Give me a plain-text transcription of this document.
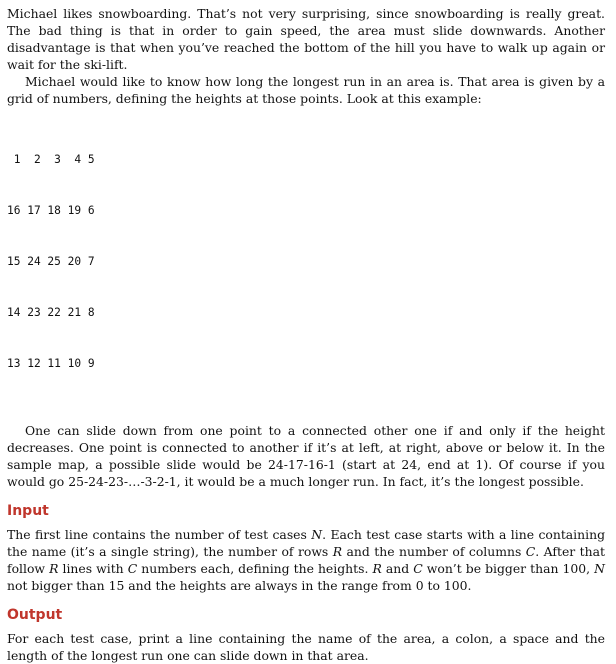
Michael likes snowboarding. That’s not very surprising, since snowboarding is really great. The bad thing is that in order to gain speed, the area must slide downwards. Another disadvantage is that when you’ve reached the bottom of the hill you have to walk up again or wait for the ski-lift.

Michael would like to know how long the longest run in an area is. That area is given by a grid of numbers, defining the heights at those points. Look at this example:

1  2  3  4 5

16 17 18 19 6

15 24 25 20 7

14 23 22 21 8

13 12 11 10 9

One can slide down from one point to a connected other one if and only if the height decreases. One point is connected to another if it’s at left, at right, above or below it. In the sample map, a possible slide would be 24-17-16-1 (start at 24, end at 1). Of course if you would go 25-24-23-…-3-2-1, it would be a much longer run. In fact, it’s the longest possible.

Input

The first line contains the number of test cases N. Each test case starts with a line containing the name (it’s a single string), the number of rows R and the number of columns C. After that follow R lines with C numbers each, defining the heights. R and C won’t be bigger than 100, N not bigger than 15 and the heights are always in the range from 0 to 100.

Output

For each test case, print a line containing the name of the area, a colon, a space and the length of the longest run one can slide down in that area.
